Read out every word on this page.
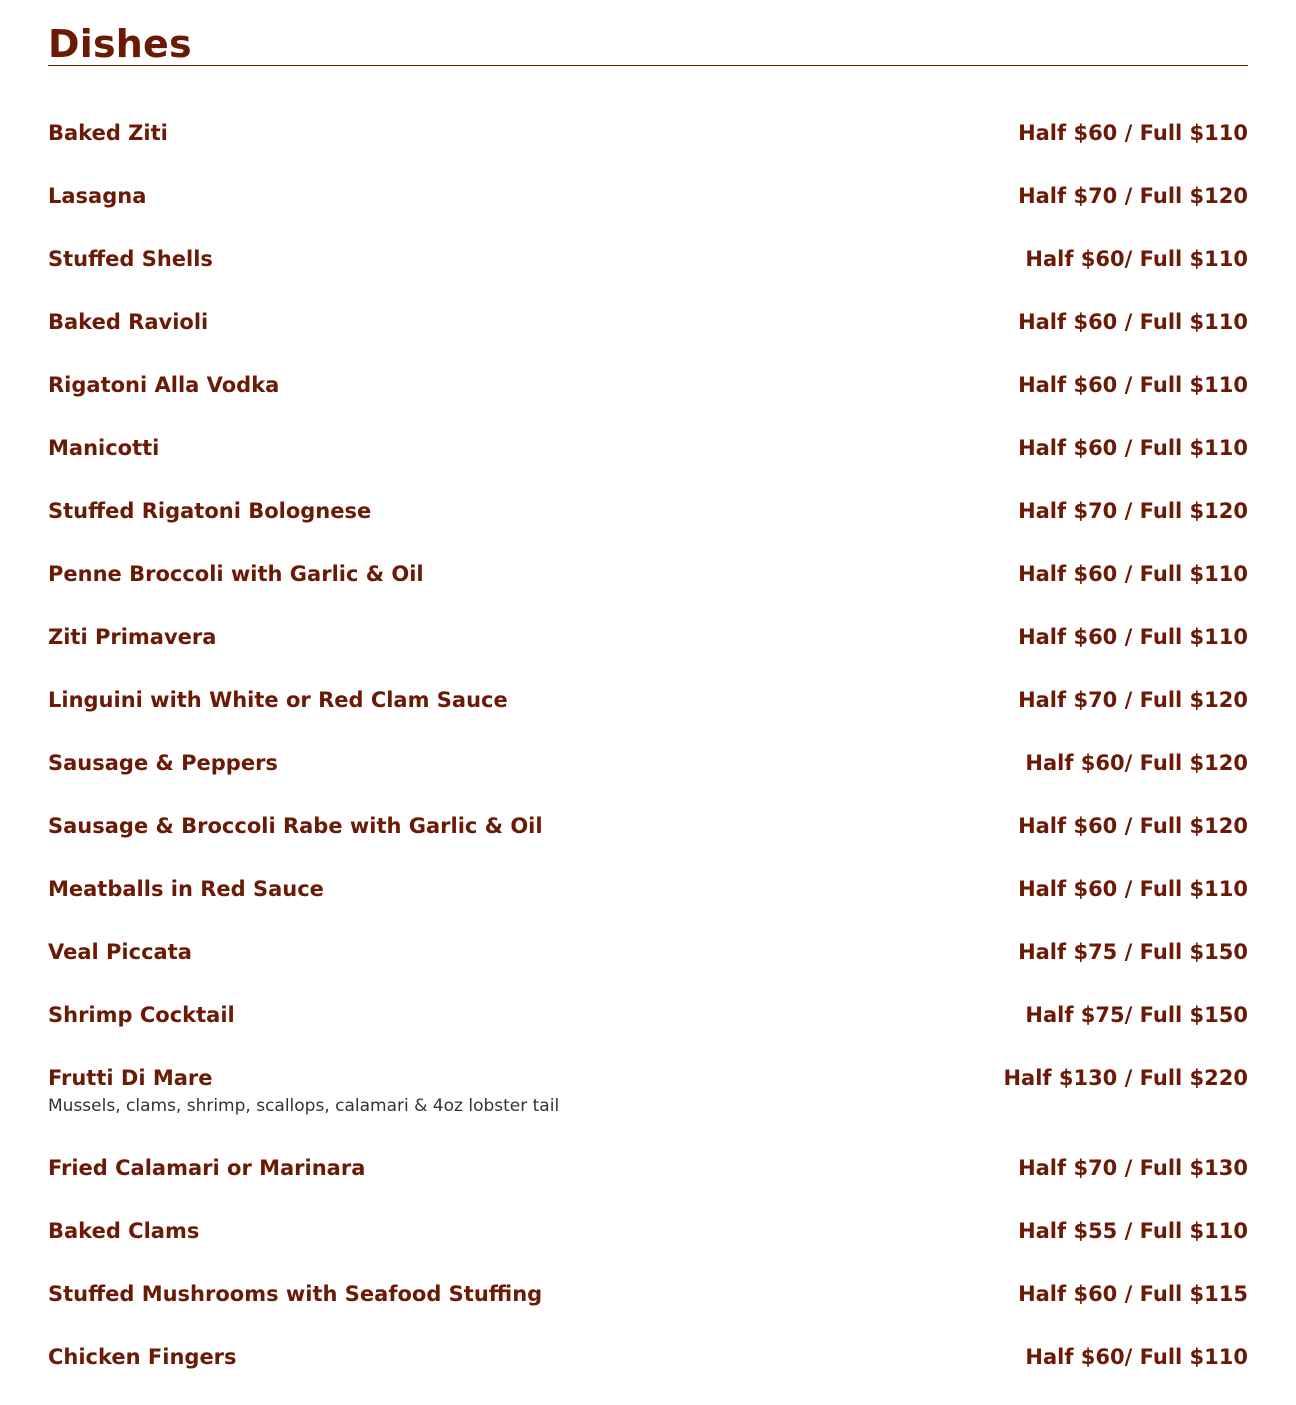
Dishes
Baked Ziti	Half $60 / Full $110
Lasagna	Half $70 / Full $120
Stuffed Shells	Half $60/ Full $110
Baked Ravioli	Half $60 / Full $110
Rigatoni Alla Vodka	Half $60 / Full $110
Manicotti	Half $60 / Full $110
Stuffed Rigatoni Bolognese	Half $70 / Full $120
Penne Broccoli with Garlic & Oil	Half $60 / Full $110
Ziti Primavera	Half $60 / Full $110
Linguini with White or Red Clam Sauce	Half $70 / Full $120
Sausage & Peppers	Half $60/ Full $120
Sausage & Broccoli Rabe with Garlic & Oil	Half $60 / Full $120
Meatballs in Red Sauce	Half $60 / Full $110
Veal Piccata	Half $75 / Full $150
Shrimp Cocktail	Half $75/ Full $150
Frutti Di Mare	Half $130 / Full $220
Mussels, clams, shrimp, scallops, calamari & 4oz lobster tail
Fried Calamari or Marinara	Half $70 / Full $130
Baked Clams	Half $55 / Full $110
Stuffed Mushrooms with Seafood Stuffing	Half $60 / Full $115
Chicken Fingers	Half $60/ Full $110
